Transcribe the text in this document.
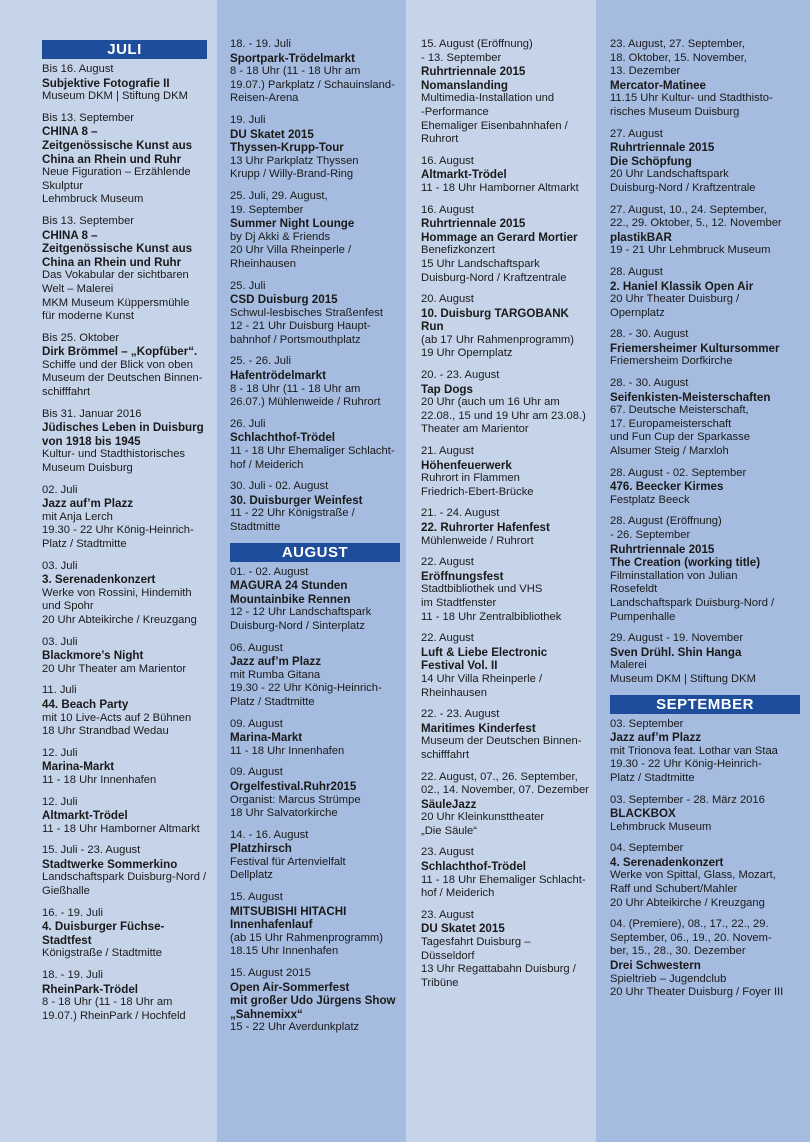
JULI
Bis 16. August
Subjektive Fotografie II
Museum DKM | Stiftung DKM
Bis 13. September
CHINA 8 –
Zeitgenössische Kunst aus
China an Rhein und Ruhr
Neue Figuration – Erzählende
Skulptur
Lehmbruck Museum
Bis 13. September
CHINA 8 –
Zeitgenössische Kunst aus
China an Rhein und Ruhr
Das Vokabular der sichtbaren
Welt – Malerei
MKM Museum Küppersmühle
für moderne Kunst
Bis 25. Oktober
Dirk Brömmel – „Kopfüber“.
Schiffe und der Blick von oben
Museum der Deutschen Binnen-
schifffahrt
Bis 31. Januar 2016
Jüdisches Leben in Duisburg
von 1918 bis 1945
Kultur- und Stadthistorisches
Museum Duisburg
02. Juli
Jazz auf’m Plazz
mit Anja Lerch
19.30 - 22 Uhr König-Heinrich-
Platz / Stadtmitte
03. Juli
3. Serenadenkonzert
Werke von Rossini, Hindemith
und Spohr
20 Uhr Abteikirche / Kreuzgang
03. Juli
Blackmore’s Night
20 Uhr Theater am Marientor
11. Juli
44. Beach Party
mit 10 Live-Acts auf 2 Bühnen
18 Uhr Strandbad Wedau
12. Juli
Marina-Markt
11 - 18 Uhr Innenhafen
12. Juli
Altmarkt-Trödel
11 - 18 Uhr Hamborner Altmarkt
15. Juli - 23. August
Stadtwerke Sommerkino
Landschaftspark Duisburg-Nord /
Gießhalle
16. - 19. Juli
4. Duisburger Füchse-Stadtfest
Königstraße / Stadtmitte
18. - 19. Juli
RheinPark-Trödel
8 - 18 Uhr (11 - 18 Uhr am
19.07.) RheinPark / Hochfeld
18. - 19. Juli
Sportpark-Trödelmarkt
8 - 18 Uhr (11 - 18 Uhr am
19.07.) Parkplatz / Schauinsland-
Reisen-Arena
19. Juli
DU Skatet 2015
Thyssen-Krupp-Tour
13 Uhr Parkplatz Thyssen
Krupp / Willy-Brand-Ring
25. Juli, 29. August,
19. September
Summer Night Lounge
by Dj Akki & Friends
20 Uhr Villa Rheinperle /
Rheinhausen
25. Juli
CSD Duisburg 2015
Schwul-lesbisches Straßenfest
12 - 21 Uhr Duisburg Haupt-
bahnhof / Portsmouthplatz
25. - 26. Juli
Hafentrödelmarkt
8 - 18 Uhr (11 - 18 Uhr am
26.07.) Mühlenweide / Ruhrort
26. Juli
Schlachthof-Trödel
11 - 18 Uhr Ehemaliger Schlacht-
hof / Meiderich
30. Juli - 02. August
30. Duisburger Weinfest
11 - 22 Uhr Königstraße /
Stadtmitte
AUGUST
01. - 02. August
MAGURA 24 Stunden
Mountainbike Rennen
12 - 12 Uhr Landschaftspark
Duisburg-Nord / Sinterplatz
06. August
Jazz auf’m Plazz
mit Rumba Gitana
19.30 - 22 Uhr König-Heinrich-
Platz / Stadtmitte
09. August
Marina-Markt
11 - 18 Uhr Innenhafen
09. August
Orgelfestival.Ruhr2015
Organist: Marcus Strümpe
18 Uhr Salvatorkirche
14. - 16. August
Platzhirsch
Festival für Artenvielfalt
Dellplatz
15. August
MITSUBISHI HITACHI
Innenhafenlauf
(ab 15 Uhr Rahmenprogramm)
18.15 Uhr Innenhafen
15. August 2015
Open Air-Sommerfest
mit großer Udo Jürgens Show
„Sahnemixx“
15 - 22 Uhr Averdunkplatz
15. August (Eröffnung)
- 13. September
Ruhrtriennale 2015
Nomanslanding
Multimedia-Installation und
-Performance
Ehemaliger Eisenbahnhafen /
Ruhrort
16. August
Altmarkt-Trödel
11 - 18 Uhr Hamborner Altmarkt
16. August
Ruhrtriennale 2015
Hommage an Gerard Mortier
Benefizkonzert
15 Uhr Landschaftspark
Duisburg-Nord / Kraftzentrale
20. August
10. Duisburg TARGOBANK Run
(ab 17 Uhr Rahmenprogramm)
19 Uhr Opernplatz
20. - 23. August
Tap Dogs
20 Uhr (auch um 16 Uhr am
22.08., 15 und 19 Uhr am 23.08.)
Theater am Marientor
21. August
Höhenfeuerwerk
Ruhrort in Flammen
Friedrich-Ebert-Brücke
21. - 24. August
22. Ruhrorter Hafenfest
Mühlenweide / Ruhrort
22. August
Eröffnungsfest
Stadtbibliothek und VHS
im Stadtfenster
11 - 18 Uhr Zentralbibliothek
22. August
Luft & Liebe Electronic
Festival Vol. II
14 Uhr Villa Rheinperle /
Rheinhausen
22. - 23. August
Maritimes Kinderfest
Museum der Deutschen Binnen-
schifffahrt
22. August, 07., 26. September,
02., 14. November, 07. Dezember
SäuleJazz
20 Uhr Kleinkunsttheater
„Die Säule“
23. August
Schlachthof-Trödel
11 - 18 Uhr Ehemaliger Schlacht-
hof / Meiderich
23. August
DU Skatet 2015
Tagesfahrt Duisburg –
Düsseldorf
13 Uhr Regattabahn Duisburg /
Tribüne
23. August, 27. September,
18. Oktober, 15. November,
13. Dezember
Mercator-Matinee
11.15 Uhr Kultur- und Stadthisto-
risches Museum Duisburg
27. August
Ruhrtriennale 2015
Die Schöpfung
20 Uhr Landschaftspark
Duisburg-Nord / Kraftzentrale
27. August, 10., 24. September,
22., 29. Oktober, 5., 12. November
plastikBAR
19 - 21 Uhr Lehmbruck Museum
28. August
2. Haniel Klassik Open Air
20 Uhr Theater Duisburg /
Opernplatz
28. - 30. August
Friemersheimer Kultursommer
Friemersheim Dorfkirche
28. - 30. August
Seifenkisten-Meisterschaften
67. Deutsche Meisterschaft,
17. Europameisterschaft
und Fun Cup der Sparkasse
Alsumer Steig / Marxloh
28. August - 02. September
476. Beecker Kirmes
Festplatz Beeck
28. August (Eröffnung)
- 26. September
Ruhrtriennale 2015
The Creation (working title)
Filminstallation von Julian
Rosefeldt
Landschaftspark Duisburg-Nord /
Pumpenhalle
29. August - 19. November
Sven Drühl. Shin Hanga
Malerei
Museum DKM | Stiftung DKM
SEPTEMBER
03. September
Jazz auf’m Plazz
mit Trionova feat. Lothar van Staa
19.30 - 22 Uhr König-Heinrich-
Platz / Stadtmitte
03. September - 28. März 2016
BLACKBOX
Lehmbruck Museum
04. September
4. Serenadenkonzert
Werke von Spittal, Glass, Mozart,
Raff und Schubert/Mahler
20 Uhr Abteikirche / Kreuzgang
04. (Premiere), 08., 17., 22., 29.
September, 06., 19., 20. Novem-
ber, 15., 28., 30. Dezember
Drei Schwestern
Spieltrieb – Jugendclub
20 Uhr Theater Duisburg / Foyer III
